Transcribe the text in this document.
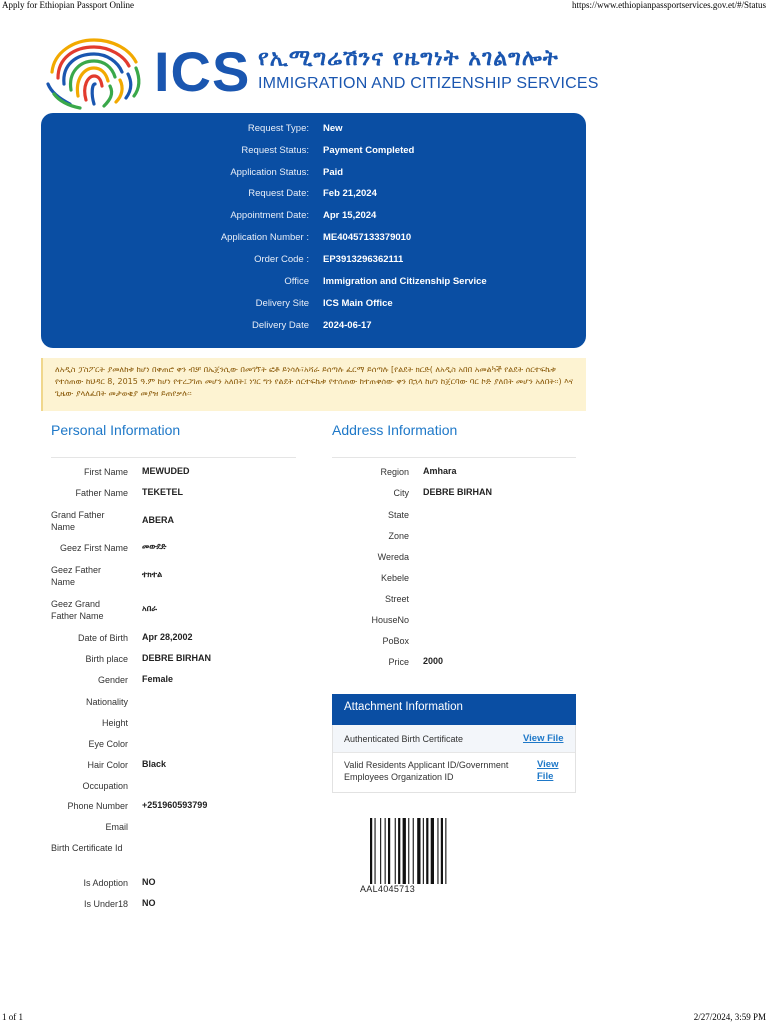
Apply for Ethiopian Passport Online	https://www.ethiopianpassportservices.gov.et/#/Status
1 of 1	2/27/2024, 3:59 PM
ICS የኢሚግሬሽንና የዜግነት አገልግሎት
IMMIGRATION AND CITIZENSHIP SERVICES
Request Type: New
Request Status: Payment Completed
Application Status: Paid
Request Date: Feb 21,2024
Appointment Date: Apr 15,2024
Application Number : ME40457133379010
Order Code : EP3913296362111
Office Immigration and Citizenship Service
Delivery Site ICS Main Office
Delivery Date 2024-06-17
ለአዲስ ፓስፖርት ያመለከቱ ከሆነ በቀጠሮ ቀን ብቻ በኤጀንሲው በመገኘት ፎቶ ይነሳሉ፣አሻራ ይሰጣሉ ፈርማ ይሰጣሉ [የልደት ክርድ( ለአዲስ አበበ አመልካች የልደት ሰርተፍኬቱ የተሰጠው ከህዳር 8, 2015 ዓ.ም ከሆነ የተረጋገጠ መሆን አለበት፤ ነገር ግን የልደት ሰርተፍኬቱ የተሰጠው ከተጠቀሰው ቀን በኋላ ከሆነ ከጀርባው ባር ኮድ ያለበት መሆን አለበት፡፡) እና ጊዜው ያላለፈበት መታወቂያ መያዝ ይጠየቃሉ፡፡
Personal Information
First Name MEWUDED
Father Name TEKETEL
Grand Father Name
ABERA
Geez First Name መውደድ
Geez Father Name
ተክተል
Geez Grand Father Name
አበራ
Date of Birth Apr 28,2002
Birth place DEBRE BIRHAN
Gender Female
Nationality
Height
Eye Color
Hair Color Black
Occupation
Phone Number +251960593799
Email
Birth Certificate Id
Is Adoption NO
Is Under18 NO
Address Information
Region Amhara
City DEBRE BIRHAN
State
Zone
Wereda
Kebele
Street
HouseNo
PoBox
Price 2000
Attachment Information
Authenticated Birth Certificate	View File
Valid Residents Applicant ID/Government Employees Organization ID
View File
AAL4045713
